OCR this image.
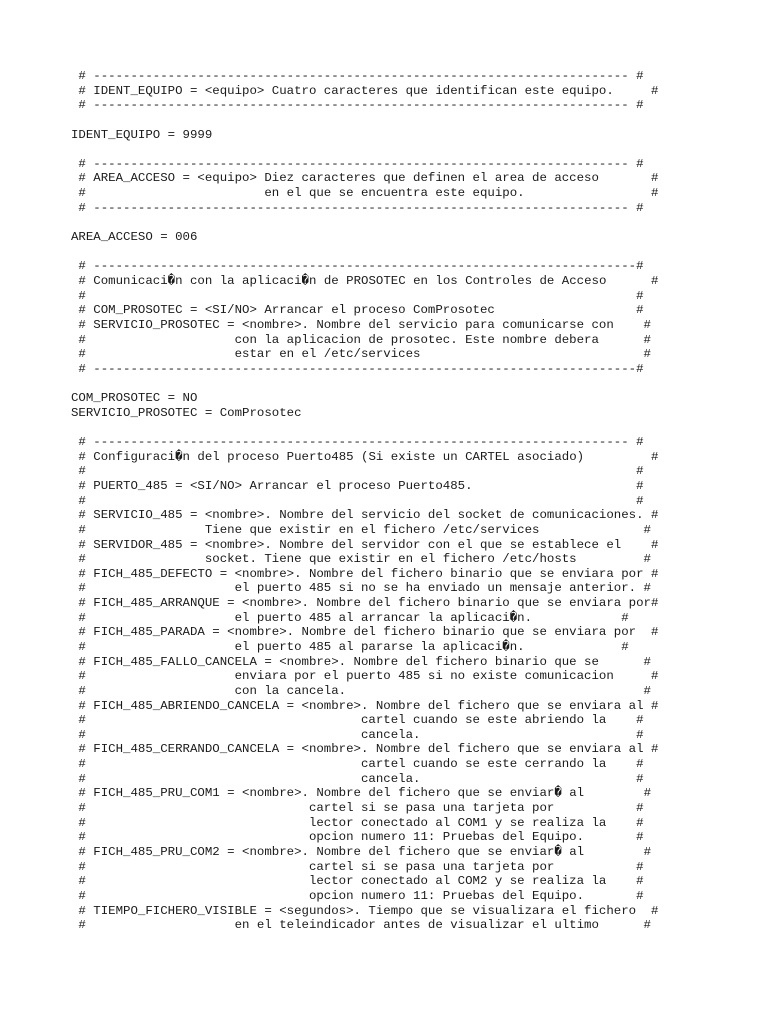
# ------------------------------------------------------------------------ #
# IDENT_EQUIPO = <equipo> Cuatro caracteres que identifican este equipo.     #
# ------------------------------------------------------------------------ #
IDENT_EQUIPO = 9999
# ------------------------------------------------------------------------ #
# AREA_ACCESO = <equipo> Diez caracteres que definen el area de acceso       #
#                        en el que se encuentra este equipo.                 #
# ------------------------------------------------------------------------ #
AREA_ACCESO = 006
# -------------------------------------------------------------------------#
# Comunicaci�n con la aplicaci�n de PROSOTEC en los Controles de Acceso      #
#                                                                          #
# COM_PROSOTEC = <SI/NO> Arrancar el proceso ComProsotec                   #
# SERVICIO_PROSOTEC = <nombre>. Nombre del servicio para comunicarse con    #
#                    con la aplicacion de prosotec. Este nombre debera      #
#                    estar en el /etc/services                              #
# -------------------------------------------------------------------------#
COM_PROSOTEC = NO
SERVICIO_PROSOTEC = ComProsotec
# ------------------------------------------------------------------------ #
# Configuraci�n del proceso Puerto485 (Si existe un CARTEL asociado)         #
#                                                                          #
# PUERTO_485 = <SI/NO> Arrancar el proceso Puerto485.                      #
#                                                                          #
# SERVICIO_485 = <nombre>. Nombre del servicio del socket de comunicaciones. #
#                Tiene que existir en el fichero /etc/services              #
# SERVIDOR_485 = <nombre>. Nombre del servidor con el que se establece el    #
#                socket. Tiene que existir en el fichero /etc/hosts         #
# FICH_485_DEFECTO = <nombre>. Nombre del fichero binario que se enviara por #
#                    el puerto 485 si no se ha enviado un mensaje anterior. #
# FICH_485_ARRANQUE = <nombre>. Nombre del fichero binario que se enviara por#
#                    el puerto 485 al arrancar la aplicaci�n.            #
# FICH_485_PARADA = <nombre>. Nombre del fichero binario que se enviara por  #
#                    el puerto 485 al pararse la aplicaci�n.             #
# FICH_485_FALLO_CANCELA = <nombre>. Nombre del fichero binario que se      #
#                    enviara por el puerto 485 si no existe comunicacion     #
#                    con la cancela.                                        #
# FICH_485_ABRIENDO_CANCELA = <nombre>. Nombre del fichero que se enviara al #
#                                     cartel cuando se este abriendo la    #
#                                     cancela.                             #
# FICH_485_CERRANDO_CANCELA = <nombre>. Nombre del fichero que se enviara al #
#                                     cartel cuando se este cerrando la    #
#                                     cancela.                             #
# FICH_485_PRU_COM1 = <nombre>. Nombre del fichero que se enviar� al        #
#                              cartel si se pasa una tarjeta por           #
#                              lector conectado al COM1 y se realiza la    #
#                              opcion numero 11: Pruebas del Equipo.       #
# FICH_485_PRU_COM2 = <nombre>. Nombre del fichero que se enviar� al        #
#                              cartel si se pasa una tarjeta por           #
#                              lector conectado al COM2 y se realiza la    #
#                              opcion numero 11: Pruebas del Equipo.       #
# TIEMPO_FICHERO_VISIBLE = <segundos>. Tiempo que se visualizara el fichero  #
#                    en el teleindicador antes de visualizar el ultimo      #
